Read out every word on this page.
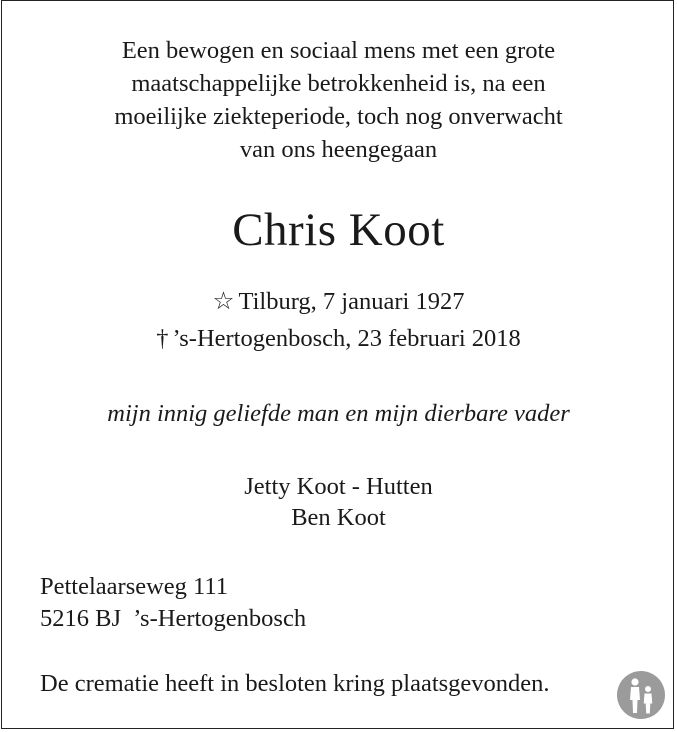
Een bewogen en sociaal mens met een grote
maatschappelijke betrokkenheid is, na een
moeilijke ziekteperiode, toch nog onverwacht
van ons heengegaan
Chris Koot
☆ Tilburg, 7 januari 1927
† ’s-Hertogenbosch, 23 februari 2018
mijn innig geliefde man en mijn dierbare vader
Jetty Koot - Hutten
Ben Koot
Pettelaarseweg 111
5216 BJ  ’s-Hertogenbosch
De crematie heeft in besloten kring plaatsgevonden.
